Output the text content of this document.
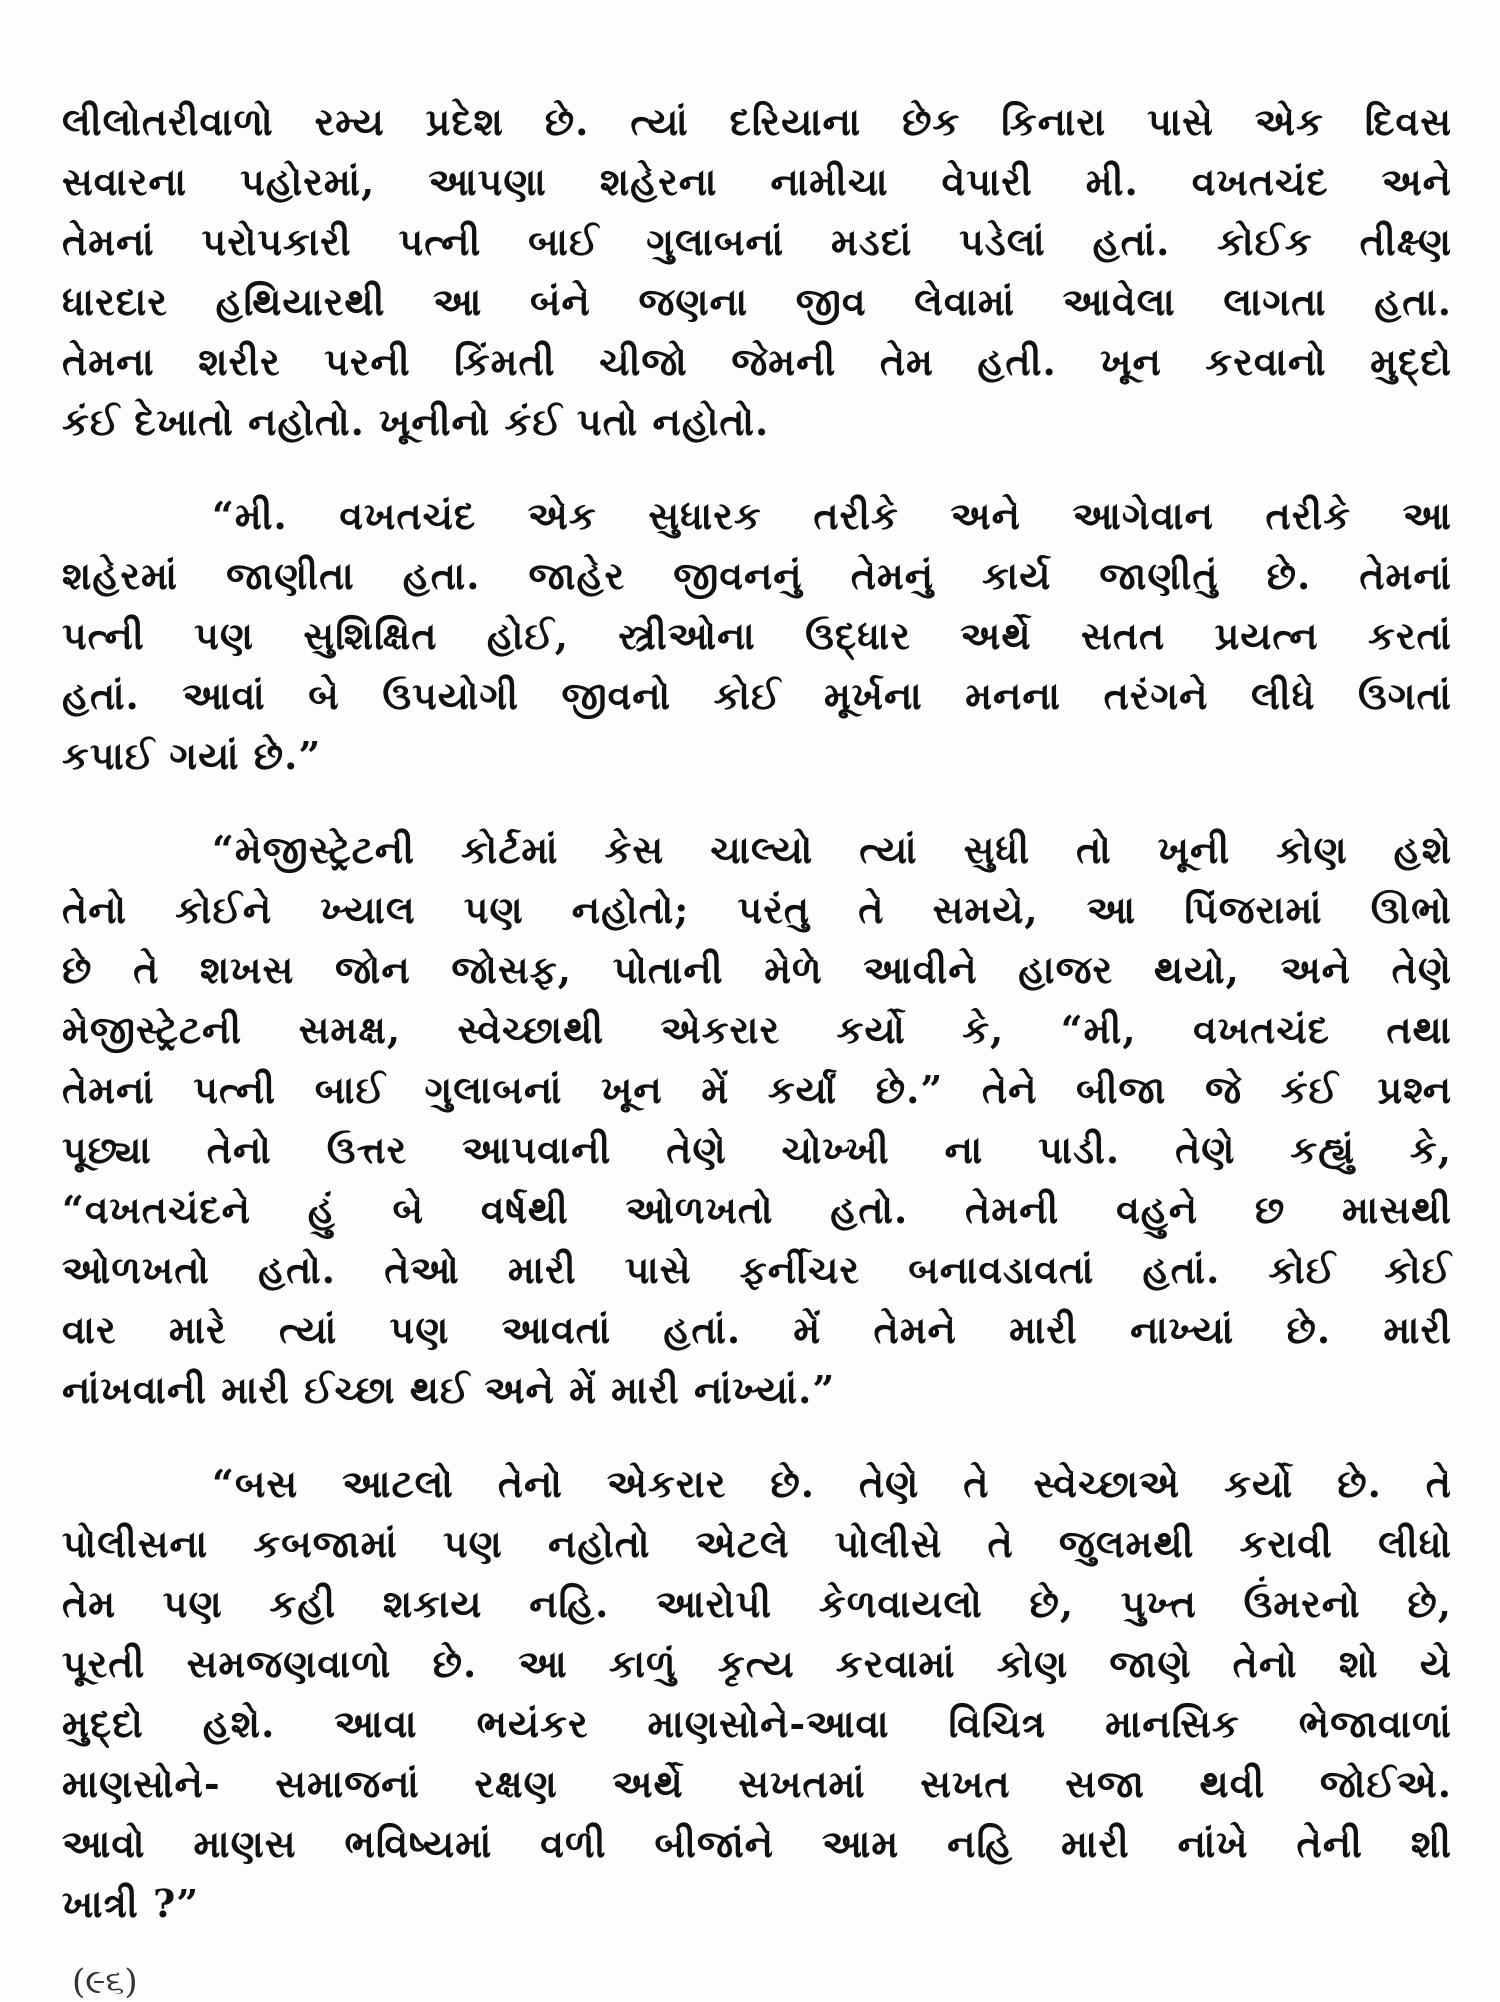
લીલોતરીવાળો રમ્ય પ્રદેશ છે. ત્યાં દરિયાના છેક કિનારા પાસે એક દિવસ
સવારના પહોરમાં, આપણા શહેરના નામીચા વેપારી મી. વખતચંદ અને
તેમનાં પરોપકારી પત્ની બાઈ ગુલાબનાં મડદાં પડેલાં હતાં. કોઈક તીક્ષ્ણ
ધારદાર હથિયારથી આ બંને જણના જીવ લેવામાં આવેલા લાગતા હતા.
તેમના શરીર પરની કિંમતી ચીજો જેમની તેમ હતી. ખૂન કરવાનો મુદ્દો
કંઈ દેખાતો નહોતો. ખૂનીનો કંઈ પતો નહોતો.

“મી. વખતચંદ એક સુધારક તરીકે અને આગેવાન તરીકે આ
શહેરમાં જાણીતા હતા. જાહેર જીવનનું તેમનું કાર્ય જાણીતું છે. તેમનાં
પત્ની પણ સુશિક્ષિત હોઈ, સ્ત્રીઓના ઉદ્ધાર અર્થે સતત પ્રયત્ન કરતાં
હતાં. આવાં બે ઉપયોગી જીવનો કોઈ મૂર્ખના મનના તરંગને લીધે ઉગતાં
કપાઈ ગયાં છે.”

“મેજીસ્ટ્રેટની કોર્ટમાં કેસ ચાલ્યો ત્યાં સુધી તો ખૂની કોણ હશે
તેનો કોઈને ખ્યાલ પણ નહોતો; પરંતુ તે સમયે, આ પિંજરામાં ઊભો
છે તે શખસ જોન જોસફ, પોતાની મેળે આવીને હાજર થયો, અને તેણે
મેજીસ્ટ્રેટની સમક્ષ, સ્વેચ્છાથી એકરાર કર્યો કે, “મી, વખતચંદ તથા
તેમનાં પત્ની બાઈ ગુલાબનાં ખૂન મેં કર્યાં છે.” તેને બીજા જે કંઈ પ્રશ્ન
પૂછ્યા તેનો ઉત્તર આપવાની તેણે ચોખ્ખી ના પાડી. તેણે કહ્યું કે,
“વખતચંદને હું બે વર્ષથી ઓળખતો હતો. તેમની વહુને છ માસથી
ઓળખતો હતો. તેઓ મારી પાસે ફર્નીચર બનાવડાવતાં હતાં. કોઈ કોઈ
વાર મારે ત્યાં પણ આવતાં હતાં. મેં તેમને મારી નાખ્યાં છે. મારી
નાંખવાની મારી ઈચ્છા થઈ અને મેં મારી નાંખ્યાં.”

“બસ આટલો તેનો એકરાર છે. તેણે તે સ્વેચ્છાએ કર્યો છે. તે
પોલીસના કબજામાં પણ નહોતો એટલે પોલીસે તે જુલમથી કરાવી લીધો
તેમ પણ કહી શકાય નહિ. આરોપી કેળવાયલો છે, પુખ્ત ઉંમરનો છે,
પૂરતી સમજણવાળો છે. આ કાળું કૃત્ય કરવામાં કોણ જાણે તેનો શો યે
મુદ્દો હશે. આવા ભયંકર માણસોને-આવા વિચિત્ર માનસિક ભેજાવાળાં
માણસોને- સમાજનાં રક્ષણ અર્થે સખતમાં સખત સજા થવી જોઈએ.
આવો માણસ ભવિષ્યમાં વળી બીજાંને આમ નહિ મારી નાંખે તેની શી
ખાત્રી ?”

(૯૬)
